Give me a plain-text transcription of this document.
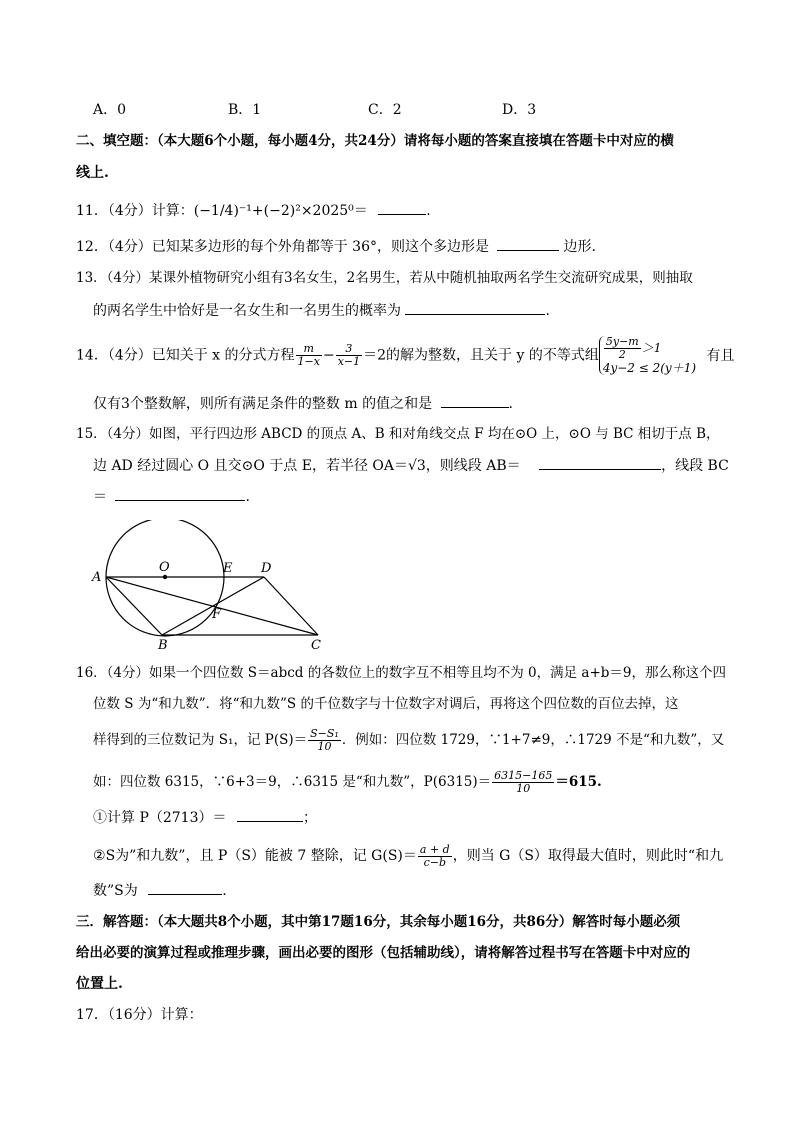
A．0	B．1	C．2	D．3
二、填空题：（本大题6个小题，每小题4分，共24分）请将每小题的答案直接填在答题卡中对应的横
线上.
11．（4分）计算：(−1/4)⁻¹+(−2)²×2025⁰＝	.
12．（4分）已知某多边形的每个外角都等于 36°，则这个多边形是	边形.
13．（4分）某课外植物研究小组有3名女生，2名男生，若从中随机抽取两名学生交流研究成果，则抽取
的两名学生中恰好是一名女生和一名男生的概率为	.
14．（4分）已知关于 x 的分式方程 $\frac{m}{1-x} - \frac{3}{x-1} =2$的解为整数，且关于 y 的不等式组 $\frac{5y-m}{2} >1$
4y−2 ≤ 2(y＋1) 有且
仅有3个整数解，则所有满足条件的整数 m 的值之和是	.
15．（4分）如图，平行四边形 ABCD 的顶点 A、B 和对角线交点 F 均在⊙O 上，⊙O 与 BC 相切于点 B，
边 AD 经过圆心 O 且交⊙O 于点 E，若半径 OA＝√3，则线段 AB＝	，线段 BC
＝	.
A
B	C
D
E
F
O
16．（4分）如果一个四位数 S＝abcd 的各数位上的数字互不相等且均不为 0，满足 a+b＝9，那么称这个四
位数 S 为“和九数”．将“和九数”S 的千位数字与十位数字对调后，再将这个四位数的百位去掉，这
样得到的三位数记为 S₁，记 $P(S)= \frac{\text{S−S₁}}{10}$ ．例如：四位数 1729，∵1+7≠9，∴1729 不是“和九数”，又
如：四位数 6315，∵6+3＝9，∴6315 是“和九数”，$P(6315)= \frac{6315-165}{10} =615$.
①计算 P（2713）＝	；
②S为”和九数”，且 P（S）能被 7 整除，记 $G(S)= \frac{a + d}{c-b}$ ，则当 G（S）取得最大值时，则此时“和九
数”S为	.
三．解答题：（本大题共8个小题，其中第17题16分，其余每小题16分，共86分）解答时每小题必须
给出必要的演算过程或推理步骤，画出必要的图形（包括辅助线），请将解答过程书写在答题卡中对应的
位置上.
17．（16分）计算：
